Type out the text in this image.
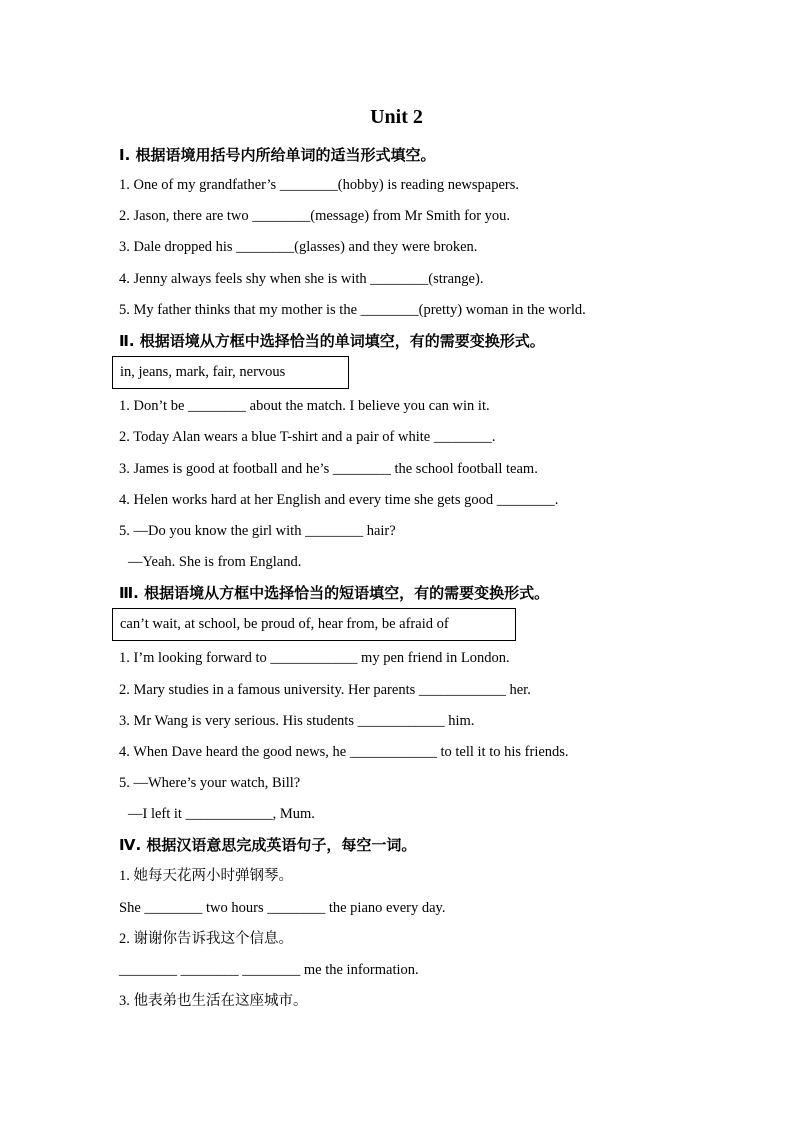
Unit 2
Ⅰ. 根据语境用括号内所给单词的适当形式填空。
1. One of my grandfather’s ________(hobby) is reading newspapers.
2. Jason, there are two ________(message) from Mr Smith for you.
3. Dale dropped his ________(glasses) and they were broken.
4. Jenny always feels shy when she is with ________(strange).
5. My father thinks that my mother is the ________(pretty) woman in the world.
Ⅱ. 根据语境从方框中选择恰当的单词填空，有的需要变换形式。
in, jeans, mark, fair, nervous
1. Don’t be ________ about the match. I believe you can win it.
2. Today Alan wears a blue T-shirt and a pair of white ________.
3. James is good at football and he’s ________ the school football team.
4. Helen works hard at her English and every time she gets good ________.
5. —Do you know the girl with ________ hair?
—Yeah. She is from England.
Ⅲ. 根据语境从方框中选择恰当的短语填空，有的需要变换形式。
can’t wait, at school, be proud of, hear from, be afraid of
1. I’m looking forward to ____________ my pen friend in London.
2. Mary studies in a famous university. Her parents ____________ her.
3. Mr Wang is very serious. His students ____________ him.
4. When Dave heard the good news, he ____________ to tell it to his friends.
5. —Where’s your watch, Bill?
—I left it ____________, Mum.
Ⅳ. 根据汉语意思完成英语句子，每空一词。
1. 她每天花两小时弹钢琴。
She ________ two hours ________ the piano every day.
2. 谢谢你告诉我这个信息。
________ ________ ________ me the information.
3. 他表弟也生活在这座城市。
